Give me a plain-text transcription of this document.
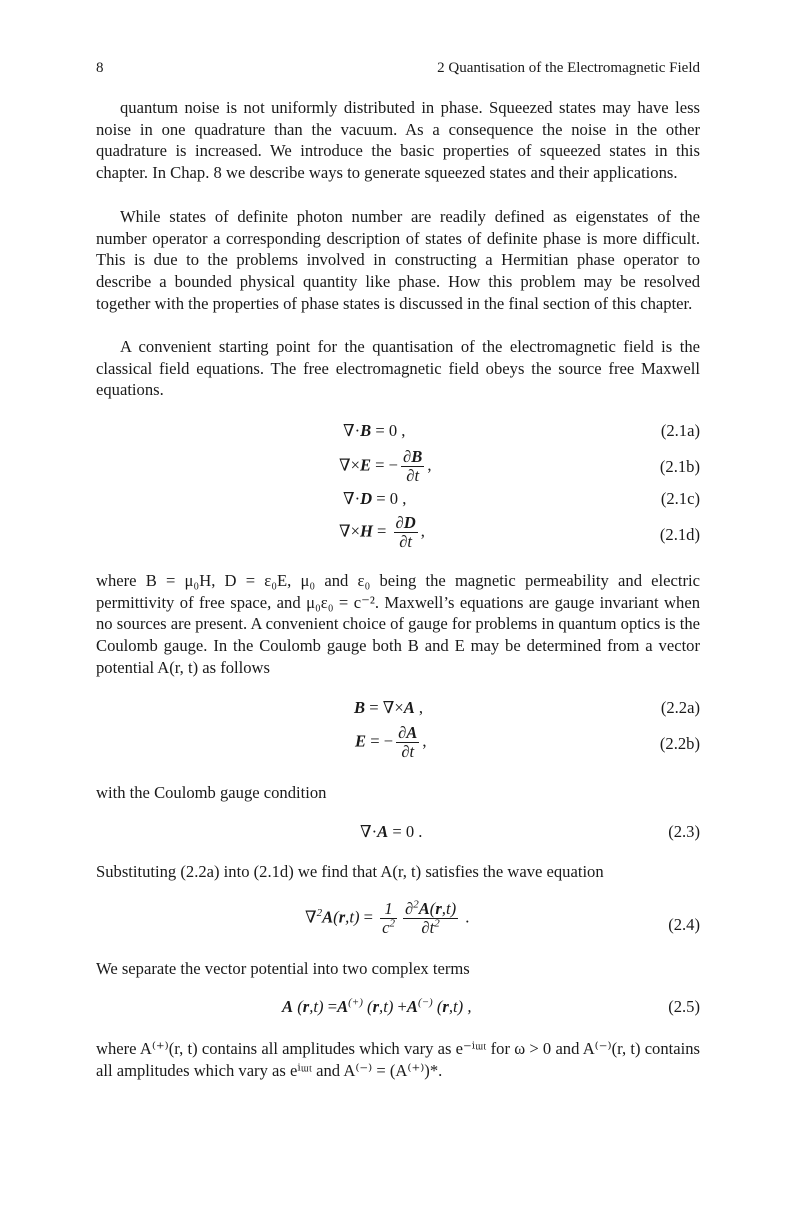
8	2 Quantisation of the Electromagnetic Field
quantum noise is not uniformly distributed in phase. Squeezed states may have less noise in one quadrature than the vacuum. As a consequence the noise in the other quadrature is increased. We introduce the basic properties of squeezed states in this chapter. In Chap. 8 we describe ways to generate squeezed states and their applications.
While states of definite photon number are readily defined as eigenstates of the number operator a corresponding description of states of definite phase is more difficult. This is due to the problems involved in constructing a Hermitian phase operator to describe a bounded physical quantity like phase. How this problem may be resolved together with the properties of phase states is discussed in the final section of this chapter.
A convenient starting point for the quantisation of the electromagnetic field is the classical field equations. The free electromagnetic field obeys the source free Maxwell equations.
∇·B = 0 ,	(2.1a)
∇×E = − $\frac{\partial B}{\partial t}$ ,	(2.1b)
∇·D = 0 ,	(2.1c)
$\nabla\times H = \frac{\partial D}{\partial t}$ ,	(2.1d)
where B = μ₀H, D = ε₀E, μ₀ and ε₀ being the magnetic permeability and electric permittivity of free space, and μ₀ε₀ = c⁻². Maxwell’s equations are gauge invariant when no sources are present. A convenient choice of gauge for problems in quantum optics is the Coulomb gauge. In the Coulomb gauge both B and E may be determined from a vector potential A(r, t) as follows
B = ∇×A ,	(2.2a)
E = − $\frac{\partial A}{\partial t}$ ,	(2.2b)
with the Coulomb gauge condition
∇·A = 0 .	(2.3)
Substituting (2.2a) into (2.1d) we find that A(r, t) satisfies the wave equation
$\nabla^2A(r,t) = \frac{1}{c^2} \frac{\partial^2A(r,t)}{\partial t^2}$ .	(2.4)
We separate the vector potential into two complex terms
A (r,t) =A(+) (r,t) +A(−) (r,t) ,	(2.5)
where A⁽⁺⁾(r, t) contains all amplitudes which vary as e⁻ⁱᵚᵗ for ω > 0 and A⁽⁻⁾(r, t) contains all amplitudes which vary as eⁱᵚᵗ and A⁽⁻⁾ = (A⁽⁺⁾)*.
